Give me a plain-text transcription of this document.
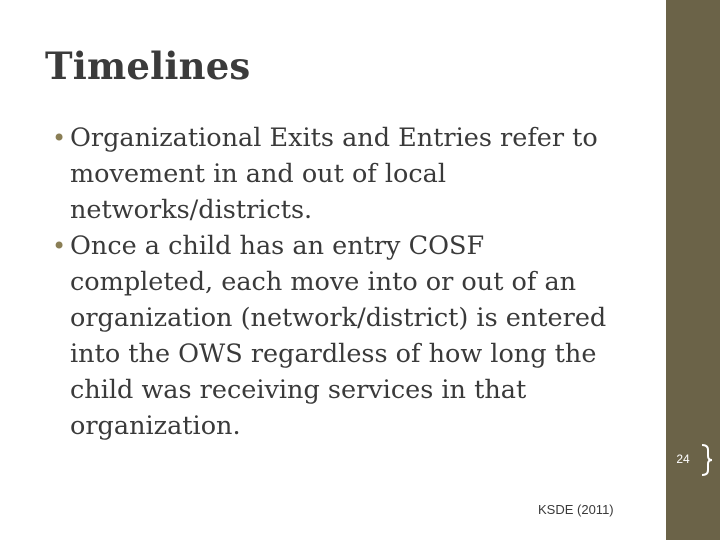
Timelines
• Organizational Exits and Entries refer to movement in and out of local networks/districts.
• Once a child has an entry COSF completed, each move into or out of an organization (network/district) is entered into the OWS regardless of how long the child was receiving services in that organization.
KSDE (2011)
24
